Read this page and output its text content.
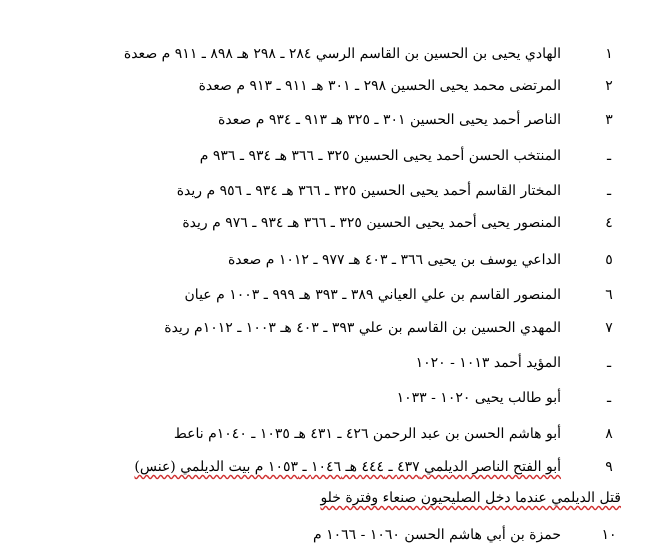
١
الهادي يحيى بن الحسين بن القاسم الرسي ٢٨٤ ـ ٢٩٨ هـ ٨٩٨ ـ ٩١١ م صعدة
٢
المرتضى محمد يحيى الحسين ٢٩٨ ـ ٣٠١ هـ ٩١١ ـ ٩١٣ م صعدة
٣
الناصر أحمد يحيى الحسين ٣٠١ ـ ٣٢٥ هـ ٩١٣ ـ ٩٣٤ م صعدة
ـ
المنتخب الحسن أحمد يحيى الحسين ٣٢٥ ـ ٣٦٦ هـ ٩٣٤ ـ ٩٣٦ م
ـ
المختار القاسم أحمد يحيى الحسين ٣٢٥ ـ ٣٦٦ هـ ٩٣٤ ـ ٩٥٦ م ريدة
٤
المنصور يحيى أحمد يحيى الحسين ٣٢٥ ـ ٣٦٦ هـ ٩٣٤ ـ ٩٧٦ م ريدة
٥
الداعي يوسف بن يحيى ٣٦٦ ـ ٤٠٣ هـ ٩٧٧ ـ ١٠١٢ م صعدة
٦
المنصور القاسم بن علي العياني ٣٨٩ ـ ٣٩٣ هـ ٩٩٩ ـ ١٠٠٣ م عيان
٧
المهدي الحسين بن القاسم بن علي ٣٩٣ ـ ٤٠٣ هـ ١٠٠٣ ـ ١٠١٢م ريدة
ـ
المؤيد أحمد ١٠١٣ - ١٠٢٠
ـ
أبو طالب يحيى ١٠٢٠ - ١٠٣٣
٨
أبو هاشم الحسن بن عبد الرحمن ٤٢٦ ـ ٤٣١ هـ ١٠٣٥ ـ ١٠٤٠م ناعط
٩
أبو الفتح الناصر الديلمي ٤٣٧ ـ ٤٤٤ هـ ١٠٤٦ ـ ١٠٥٣ م بيت الديلمي (عنس)
قتل الديلمي عندما دخل الصليحيون صنعاء وفترة خلو
١٠
حمزة بن أبي هاشم الحسن ١٠٦٠ - ١٠٦٦ م
